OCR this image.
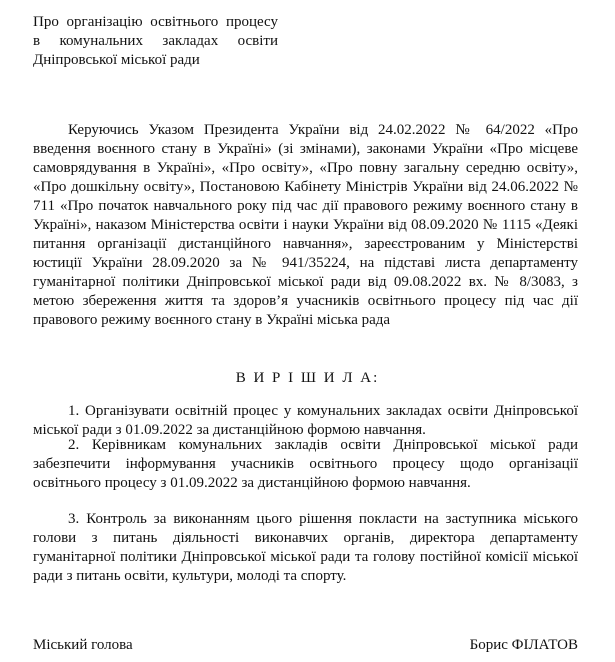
Про організацію освітнього процесу
в комунальних закладах освіти
Дніпровської міської ради

Керуючись Указом Президента України від 24.02.2022 № 64/2022 «Про введення воєнного стану в Україні» (зі змінами), законами України «Про місцеве самоврядування в Україні», «Про освіту», «Про повну загальну середню освіту», «Про дошкільну освіту», Постановою Кабінету Міністрів України від 24.06.2022 № 711 «Про початок навчального року під час дії правового режиму воєнного стану в Україні», наказом Міністерства освіти і науки України від 08.09.2020 № 1115 «Деякі питання організації дистанційного навчання», зареєстрованим у Міністерстві юстиції України 28.09.2020 за № 941/35224, на підставі листа департаменту гуманітарної політики Дніпровської міської ради від 09.08.2022 вх. № 8/3083, з метою збереження життя та здоров’я учасників освітнього процесу під час дії правового режиму воєнного стану в Україні міська рада

В И Р І Ш И Л А:

1. Організувати освітній процес у комунальних закладах освіти Дніпровської міської ради з 01.09.2022 за дистанційною формою навчання.

2. Керівникам комунальних закладів освіти Дніпровської міської ради забезпечити інформування учасників освітнього процесу щодо організації освітнього процесу з 01.09.2022 за дистанційною формою навчання.

3. Контроль за виконанням цього рішення покласти на заступника міського голови з питань діяльності виконавчих органів, директора департаменту гуманітарної політики Дніпровської міської ради та голову постійної комісії міської ради з питань освіти, культури, молоді та спорту.

Міський голова	Борис ФІЛАТОВ
